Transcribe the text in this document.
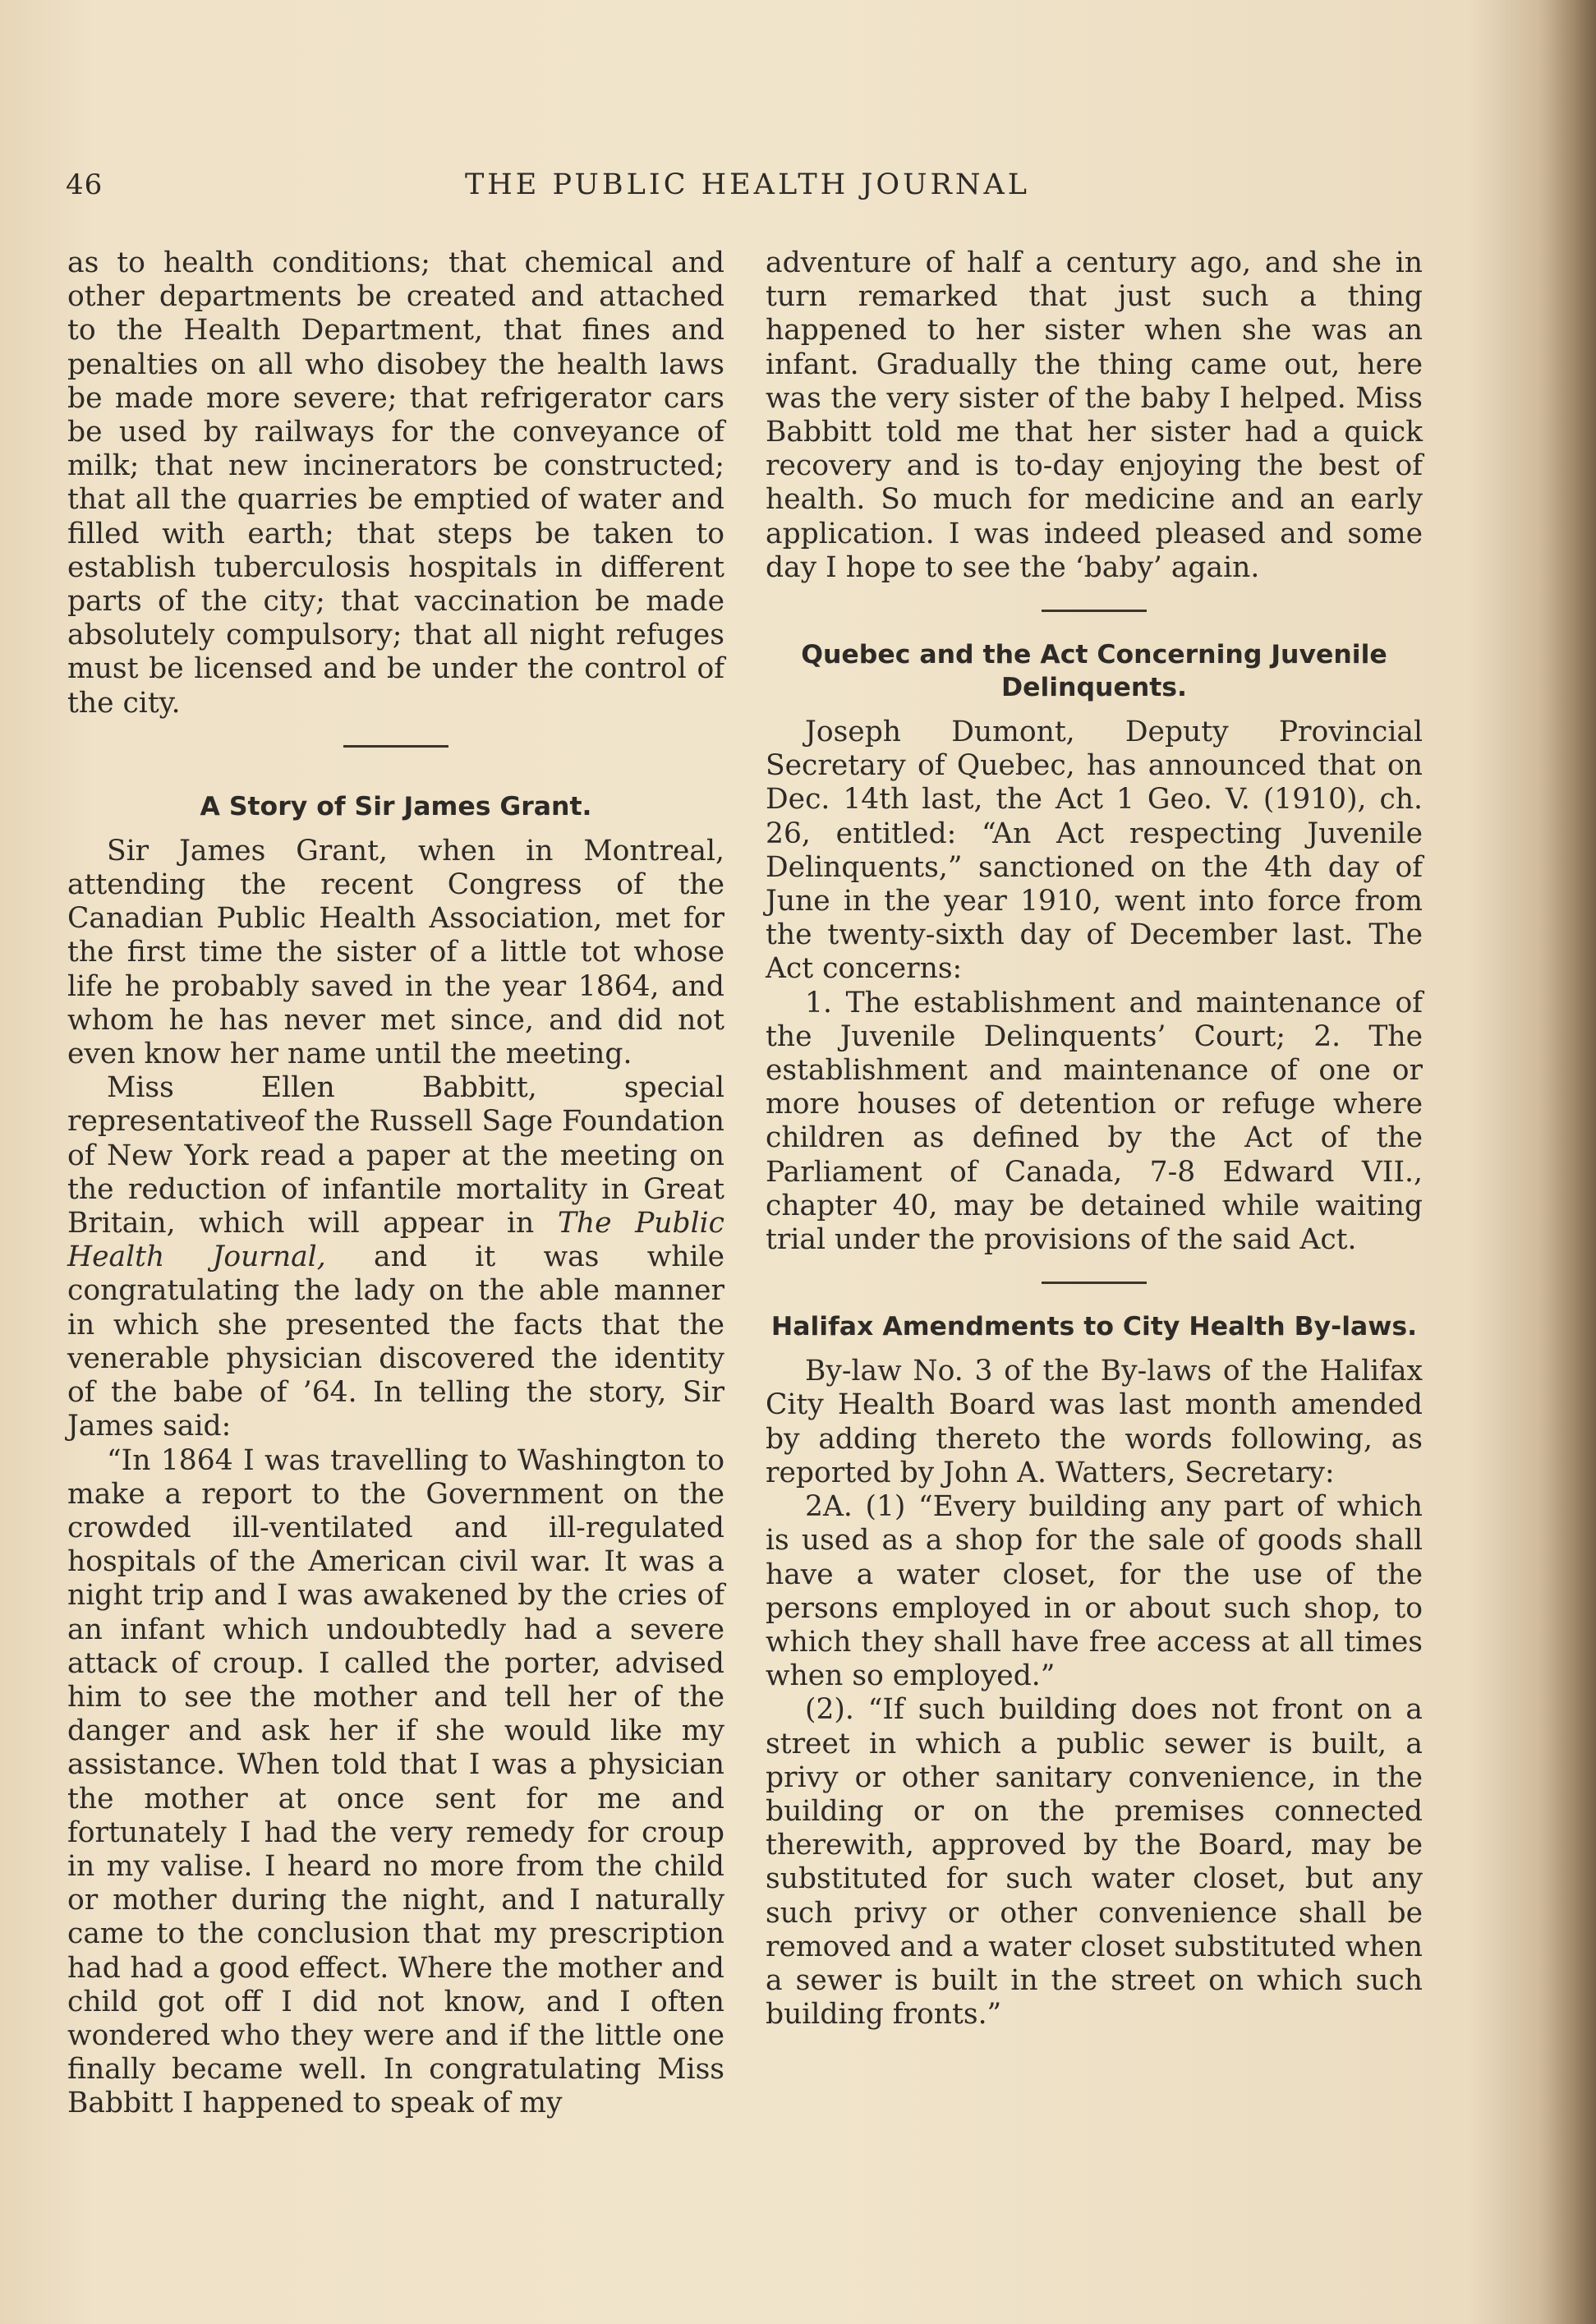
46	THE PUBLIC HEALTH JOURNAL

as to health conditions; that chemical and other departments be created and attached to the Health Department, that fines and penalties on all who disobey the health laws be made more severe; that refrigerator cars be used by railways for the conveyance of milk; that new incinerators be constructed; that all the quarries be emptied of water and filled with earth; that steps be taken to establish tuberculosis hospitals in different parts of the city; that vaccination be made absolutely compulsory; that all night refuges must be licensed and be under the control of the city.

A Story of Sir James Grant.

Sir James Grant, when in Montreal, attending the recent Congress of the Canadian Public Health Association, met for the first time the sister of a little tot whose life he probably saved in the year 1864, and whom he has never met since, and did not even know her name until the meeting.

Miss Ellen Babbitt, special representativeof the Russell Sage Foundation of New York read a paper at the meeting on the reduction of infantile mortality in Great Britain, which will appear in The Public Health Journal, and it was while congratulating the lady on the able manner in which she presented the facts that the venerable physician discovered the identity of the babe of ’64. In telling the story, Sir James said:

“In 1864 I was travelling to Washington to make a report to the Government on the crowded ill-ventilated and ill-regulated hospitals of the American civil war. It was a night trip and I was awakened by the cries of an infant which undoubtedly had a severe attack of croup. I called the porter, advised him to see the mother and tell her of the danger and ask her if she would like my assistance. When told that I was a physician the mother at once sent for me and fortunately I had the very remedy for croup in my valise. I heard no more from the child or mother during the night, and I naturally came to the conclusion that my prescription had had a good effect. Where the mother and child got off I did not know, and I often wondered who they were and if the little one finally became well. In congratulating Miss Babbitt I happened to speak of my

adventure of half a century ago, and she in turn remarked that just such a thing happened to her sister when she was an infant. Gradually the thing came out, here was the very sister of the baby I helped. Miss Babbitt told me that her sister had a quick recovery and is to-day enjoying the best of health. So much for medicine and an early application. I was indeed pleased and some day I hope to see the ‘baby’ again.

Quebec and the Act Concerning Juvenile Delinquents.

Joseph Dumont, Deputy Provincial Secretary of Quebec, has announced that on Dec. 14th last, the Act 1 Geo. V. (1910), ch. 26, entitled: “An Act respecting Juvenile Delinquents,” sanctioned on the 4th day of June in the year 1910, went into force from the twenty-sixth day of December last. The Act concerns:

1. The establishment and maintenance of the Juvenile Delinquents’ Court; 2. The establishment and maintenance of one or more houses of detention or refuge where children as defined by the Act of the Parliament of Canada, 7-8 Edward VII., chapter 40, may be detained while waiting trial under the provisions of the said Act.

Halifax Amendments to City Health By-laws.

By-law No. 3 of the By-laws of the Halifax City Health Board was last month amended by adding thereto the words following, as reported by John A. Watters, Secretary:

2A. (1) “Every building any part of which is used as a shop for the sale of goods shall have a water closet, for the use of the persons employed in or about such shop, to which they shall have free access at all times when so employed.”

(2). “If such building does not front on a street in which a public sewer is built, a privy or other sanitary convenience, in the building or on the premises connected therewith, approved by the Board, may be substituted for such water closet, but any such privy or other convenience shall be removed and a water closet substituted when a sewer is built in the street on which such building fronts.”
